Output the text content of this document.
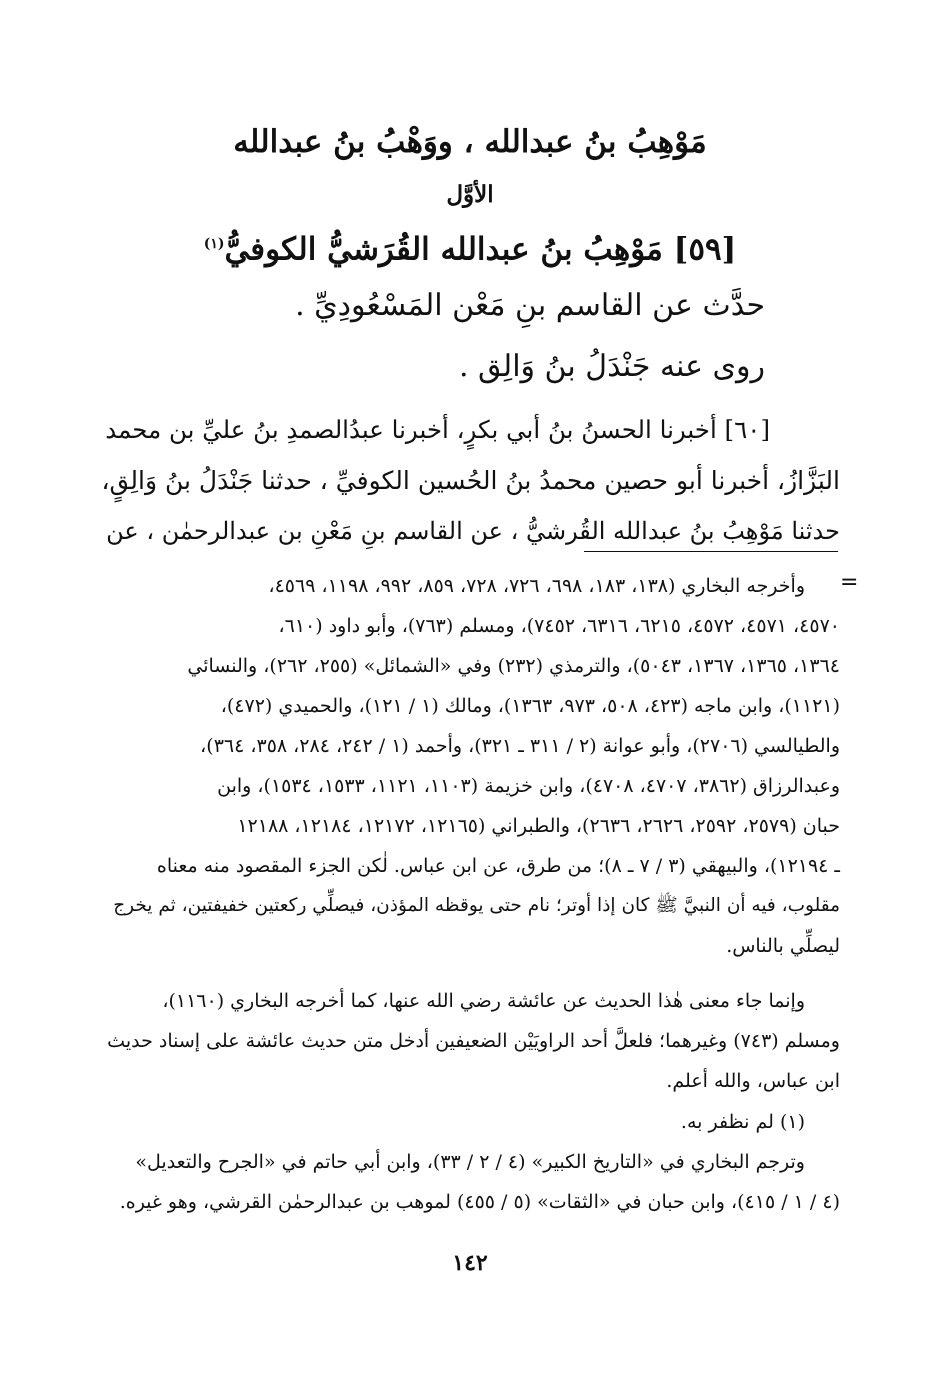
مَوْهِبُ بنُ عبدالله ، ووَهْبُ بنُ عبدالله
الأوَّل
[٥٩] مَوْهِبُ بنُ عبدالله القُرَشيُّ الكوفيُّ$^{(١)}$
حدَّث عن القاسم بنِ مَعْن المَسْعُودِيِّ .
روى عنه جَنْدَلُ بنُ وَالِق .
[٦٠] أخبرنا الحسنُ بنُ أبي بكرٍ، أخبرنا عبدُالصمدِ بنُ عليِّ بن محمد
البَزَّازُ، أخبرنا أبو حصين محمدُ بنُ الحُسين الكوفيِّ ، حدثنا جَنْدَلُ بنُ وَالِقٍ،
حدثنا مَوْهِبُ بنُ عبدالله القُرشيُّ ، عن القاسم بنِ مَعْنِ بن عبدالرحمٰن ، عن
=
وأخرجه البخاري (١٣٨، ١٨٣، ٦٩٨، ٧٢٦، ٧٢٨، ٨٥٩، ٩٩٢، ١١٩٨، ٤٥٦٩،
٤٥٧٠، ٤٥٧١، ٤٥٧٢، ٦٢١٥، ٦٣١٦، ٧٤٥٢)، ومسلم (٧٦٣)، وأبو داود (٦١٠،
١٣٦٤، ١٣٦٥، ١٣٦٧، ٥٠٤٣)، والترمذي (٢٣٢) وفي «الشمائل» (٢٥٥، ٢٦٢)، والنسائي
(١١٢١)، وابن ماجه (٤٢٣، ٥٠٨، ٩٧٣، ١٣٦٣)، ومالك (١ / ١٢١)، والحميدي (٤٧٢)،
والطيالسي (٢٧٠٦)، وأبو عوانة (٢ / ٣١١ ـ ٣٢١)، وأحمد (١ / ٢٤٢، ٢٨٤، ٣٥٨، ٣٦٤)،
وعبدالرزاق (٣٨٦٢، ٤٧٠٧، ٤٧٠٨)، وابن خزيمة (١١٠٣، ١١٢١، ١٥٣٣، ١٥٣٤)، وابن
حبان (٢٥٧٩، ٢٥٩٢، ٢٦٢٦، ٢٦٣٦)، والطبراني (١٢١٦٥، ١٢١٧٢، ١٢١٨٤، ١٢١٨٨
ـ ١٢١٩٤)، والبيهقي (٣ / ٧ ـ ٨)؛ من طرق، عن ابن عباس. لٰكن الجزء المقصود منه معناه
مقلوب، فيه أن النبيَّ ﷺ كان إذا أوتر؛ نام حتى يوقظه المؤذن، فيصلِّي ركعتين خفيفتين، ثم يخرج
ليصلِّي بالناس.
وإنما جاء معنى هٰذا الحديث عن عائشة رضي الله عنها، كما أخرجه البخاري (١١٦٠)،
ومسلم (٧٤٣) وغيرهما؛ فلعلَّ أحد الراويَيْن الضعيفين أدخل متن حديث عائشة على إسناد حديث
ابن عباس، والله أعلم.
(١) لم نظفر به.
وترجم البخاري في «التاريخ الكبير» (٤ / ٢ / ٣٣)، وابن أبي حاتم في «الجرح والتعديل»
(٤ / ١ / ٤١٥)، وابن حبان في «الثقات» (٥ / ٤٥٥) لموهب بن عبدالرحمٰن القرشي، وهو غيره.
١٤٢
